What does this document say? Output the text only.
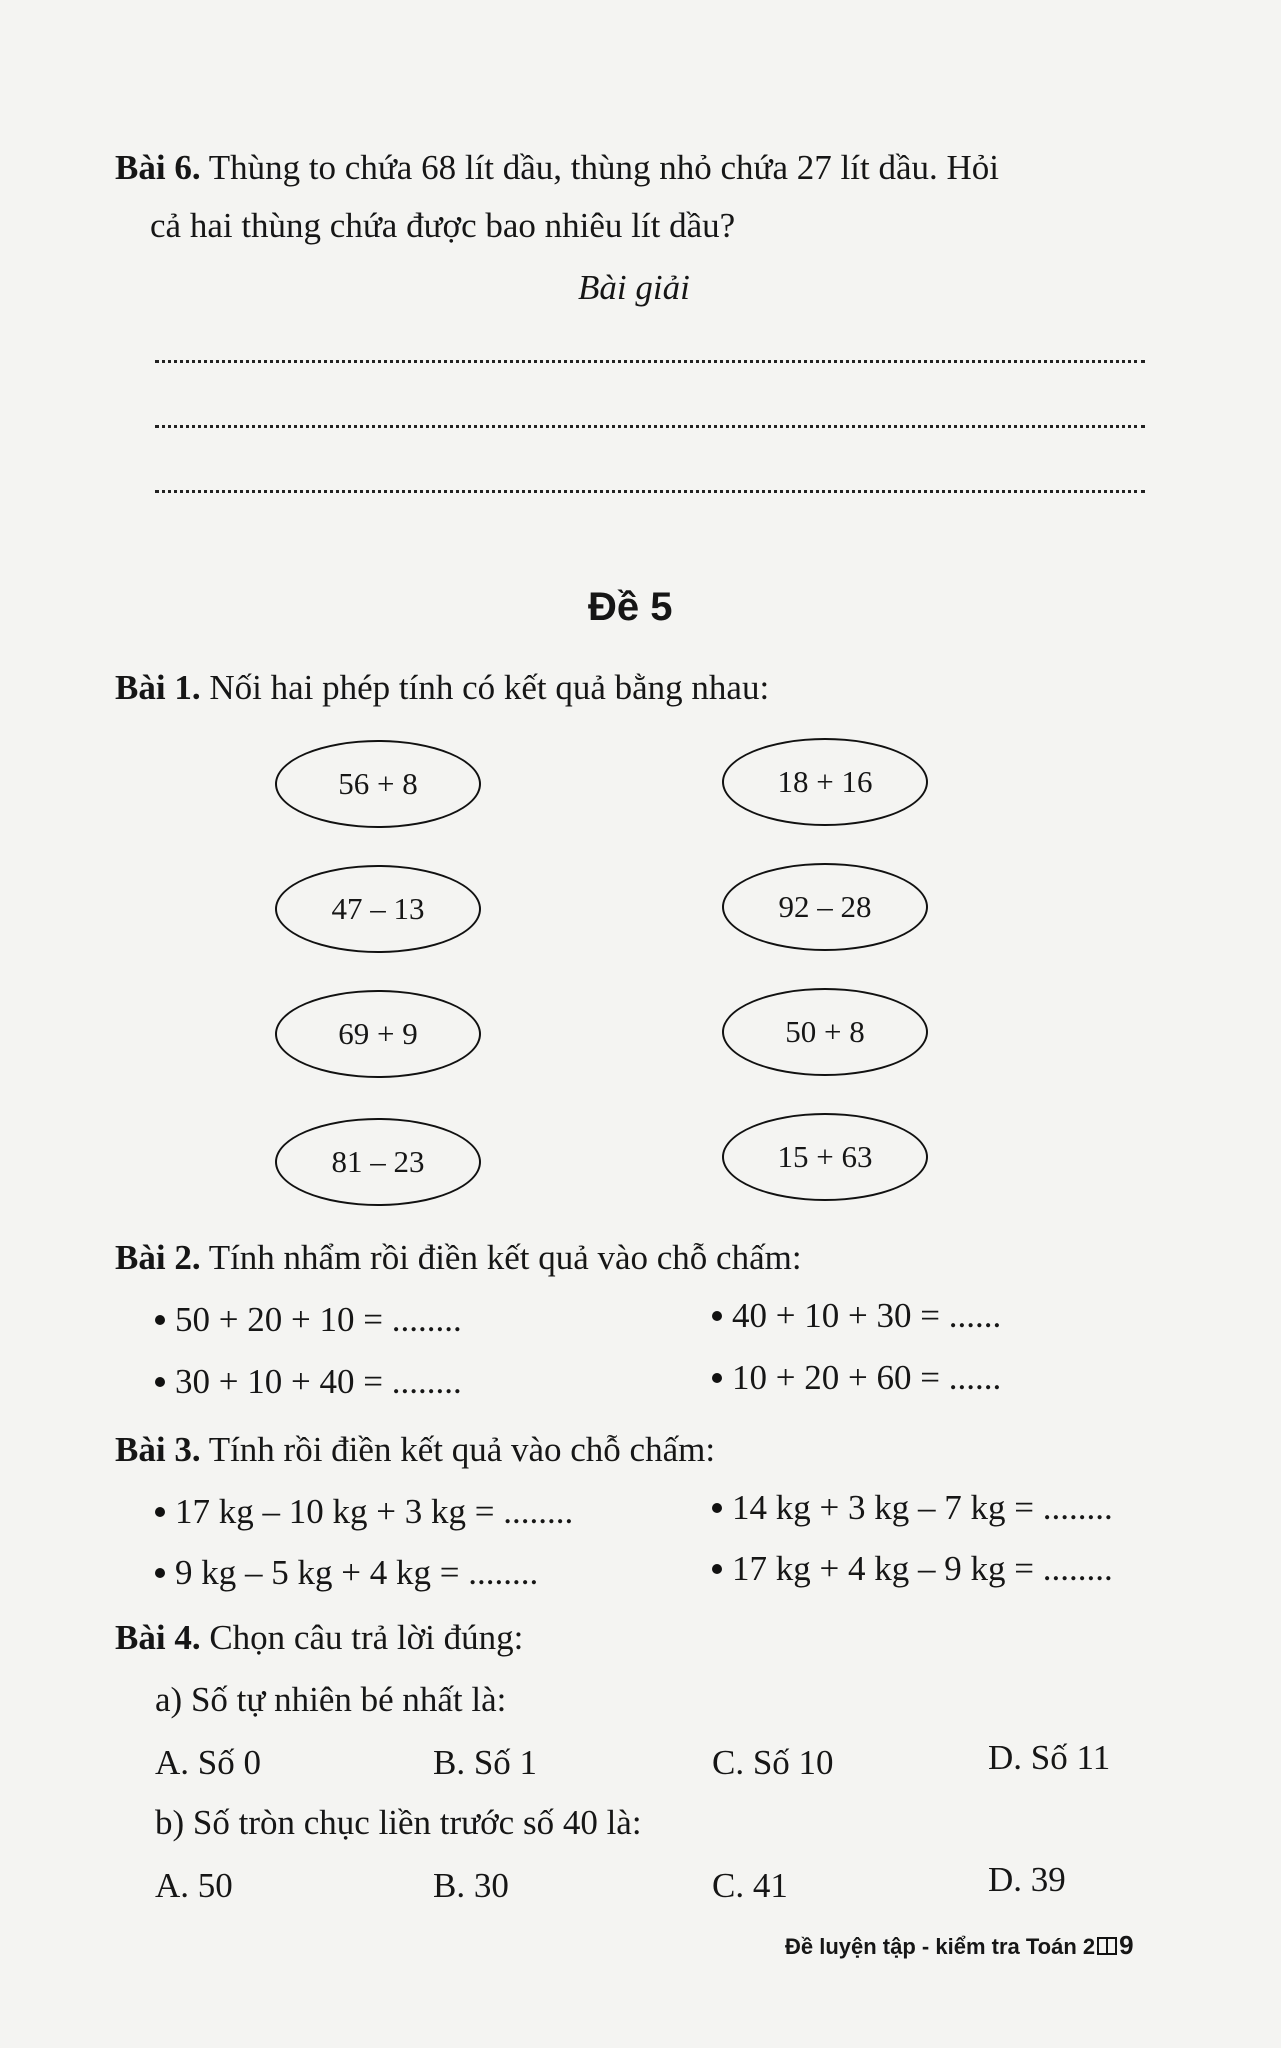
Bài 6. Thùng to chứa 68 lít dầu, thùng nhỏ chứa 27 lít dầu. Hỏi
cả hai thùng chứa được bao nhiêu lít dầu?
Bài giải
Đề 5
Bài 1. Nối hai phép tính có kết quả bằng nhau:
56 + 8
47 – 13
69 + 9
81 – 23
18 + 16
92 – 28
50 + 8
15 + 63
Bài 2. Tính nhẩm rồi điền kết quả vào chỗ chấm:
50 + 20 + 10 = ........	40 + 10 + 30 = ......
30 + 10 + 40 = ........	10 + 20 + 60 = ......
Bài 3. Tính rồi điền kết quả vào chỗ chấm:
17 kg – 10 kg + 3 kg = ........	14 kg + 3 kg – 7 kg = ........
9 kg – 5 kg + 4 kg = ........	17 kg + 4 kg – 9 kg = ........
Bài 4. Chọn câu trả lời đúng:
a) Số tự nhiên bé nhất là:
A. Số 0	B. Số 1	C. Số 10	D. Số 11
b) Số tròn chục liền trước số 40 là:
A. 50	B. 30	C. 41	D. 39
Đề luyện tập - kiểm tra Toán 2 9
